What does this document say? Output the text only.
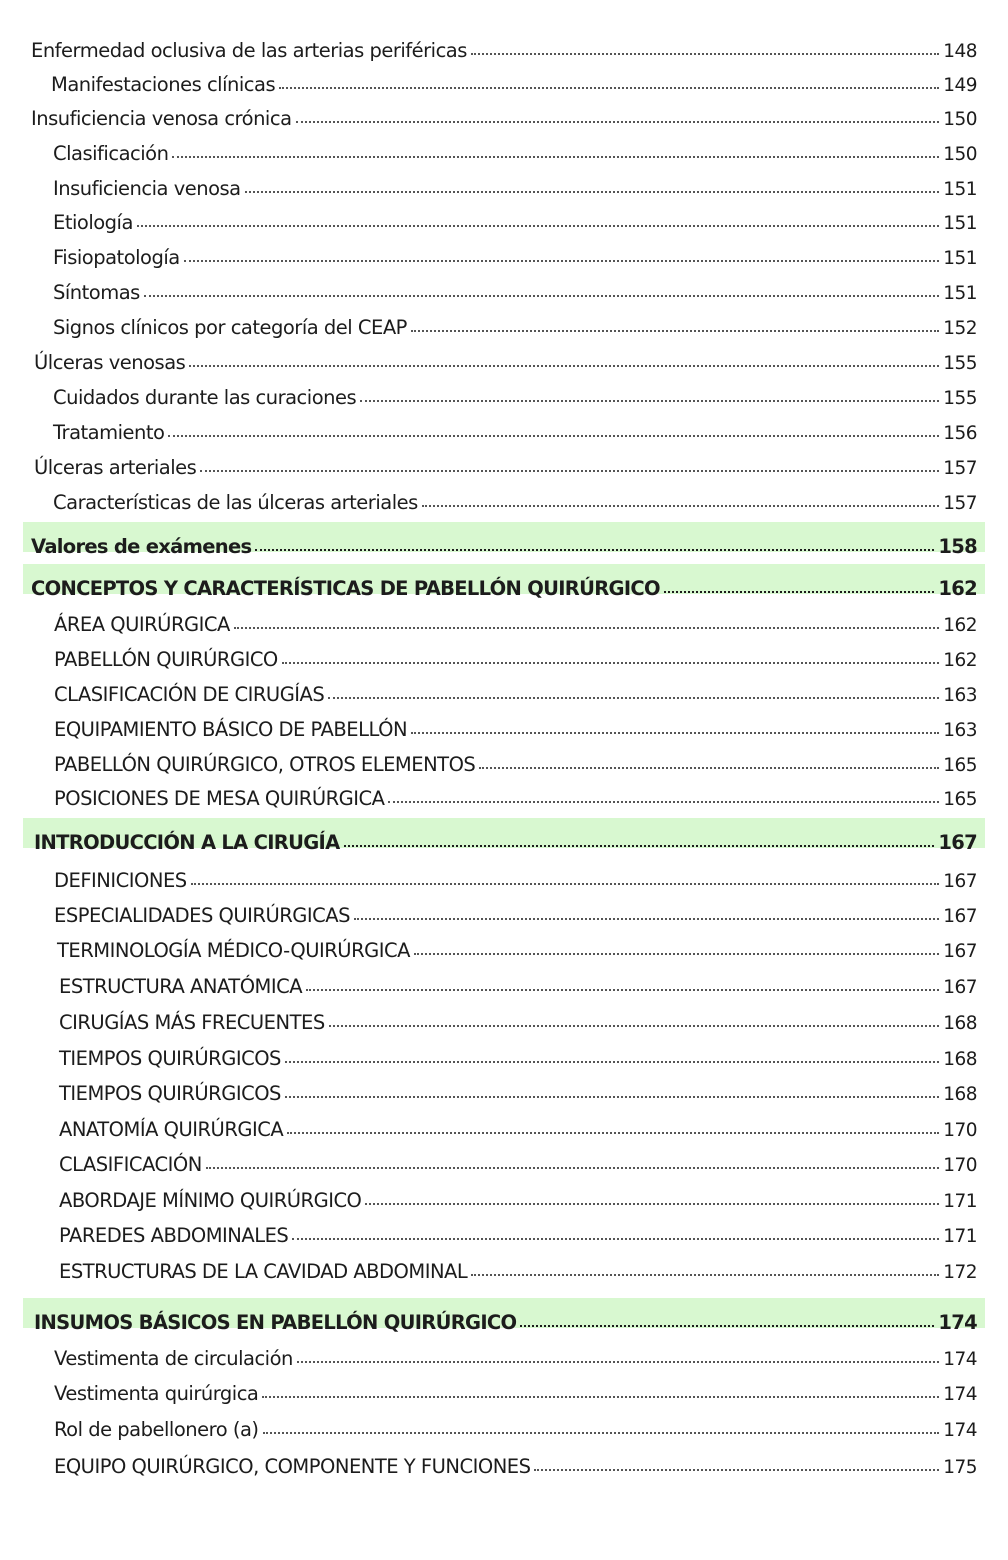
Enfermedad oclusiva de las arterias periféricas	148
Manifestaciones clínicas	149
Insuficiencia venosa crónica	150
Clasificación	150
Insuficiencia venosa	151
Etiología	151
Fisiopatología	151
Síntomas	151
Signos clínicos por categoría del CEAP	152
Úlceras venosas	155
Cuidados durante las curaciones	155
Tratamiento	156
Úlceras arteriales	157
Características de las úlceras arteriales	157
Valores de exámenes	158
CONCEPTOS Y CARACTERÍSTICAS DE PABELLÓN QUIRÚRGICO	162
ÁREA QUIRÚRGICA	162
PABELLÓN QUIRÚRGICO	162
CLASIFICACIÓN DE CIRUGÍAS	163
EQUIPAMIENTO BÁSICO DE PABELLÓN	163
PABELLÓN QUIRÚRGICO, OTROS ELEMENTOS	165
POSICIONES DE MESA QUIRÚRGICA	165
INTRODUCCIÓN A LA CIRUGÍA	167
DEFINICIONES	167
ESPECIALIDADES QUIRÚRGICAS	167
TERMINOLOGÍA MÉDICO-QUIRÚRGICA	167
ESTRUCTURA ANATÓMICA	167
CIRUGÍAS MÁS FRECUENTES	168
TIEMPOS QUIRÚRGICOS	168
TIEMPOS QUIRÚRGICOS	168
ANATOMÍA QUIRÚRGICA	170
CLASIFICACIÓN	170
ABORDAJE MÍNIMO QUIRÚRGICO	171
PAREDES ABDOMINALES	171
ESTRUCTURAS DE LA CAVIDAD ABDOMINAL	172
INSUMOS BÁSICOS EN PABELLÓN QUIRÚRGICO	174
Vestimenta de circulación	174
Vestimenta quirúrgica	174
Rol de pabellonero (a)	174
EQUIPO QUIRÚRGICO, COMPONENTE Y FUNCIONES	175
